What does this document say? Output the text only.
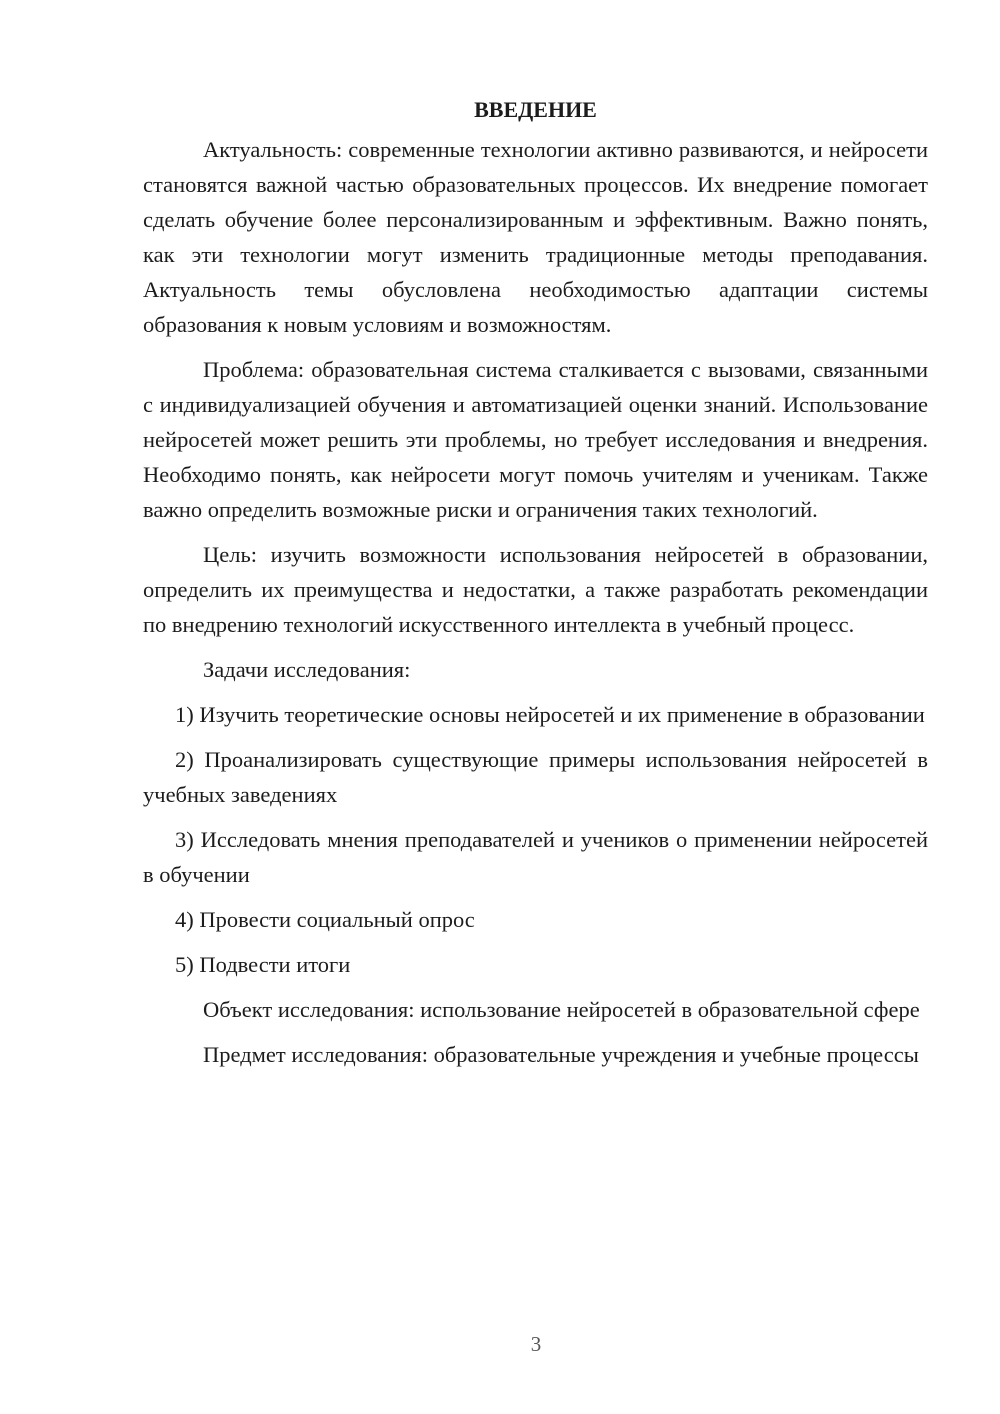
ВВЕДЕНИЕ

Актуальность: современные технологии активно развиваются, и нейросети становятся важной частью образовательных процессов. Их внедрение помогает сделать обучение более персонализированным и эффективным. Важно понять, как эти технологии могут изменить традиционные методы преподавания. Актуальность темы обусловлена необходимостью адаптации системы образования к новым условиям и возможностям.

Проблема: образовательная система сталкивается с вызовами, связанными с индивидуализацией обучения и автоматизацией оценки знаний. Использование нейросетей может решить эти проблемы, но требует исследования и внедрения. Необходимо понять, как нейросети могут помочь учителям и ученикам. Также важно определить возможные риски и ограничения таких технологий.

Цель: изучить возможности использования нейросетей в образовании, определить их преимущества и недостатки, а также разработать рекомендации по внедрению технологий искусственного интеллекта в учебный процесс.

Задачи исследования:

1) Изучить теоретические основы нейросетей и их применение в образовании

2) Проанализировать существующие примеры использования нейросетей в учебных заведениях

3) Исследовать мнения преподавателей и учеников о применении нейросетей в обучении

4) Провести социальный опрос

5) Подвести итоги

Объект исследования: использование нейросетей в образовательной сфере

Предмет исследования: образовательные учреждения и учебные процессы

3
